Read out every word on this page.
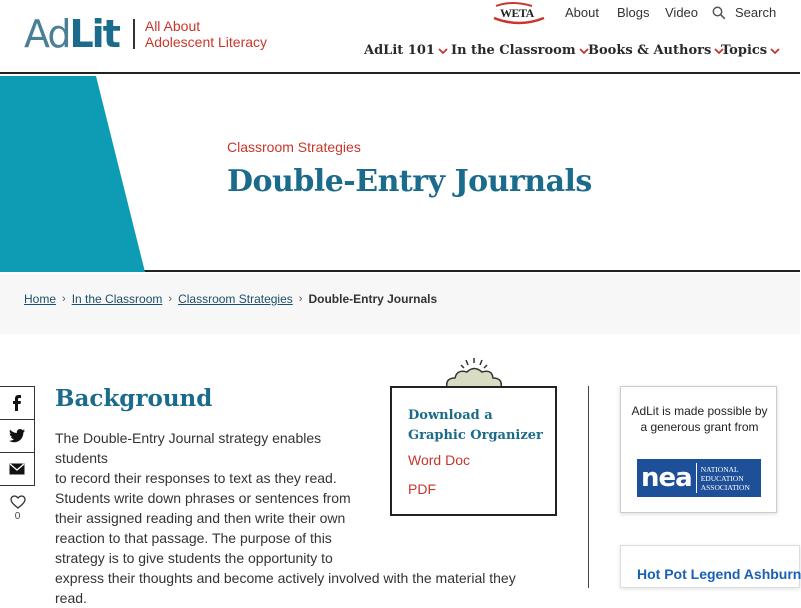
AdLit All About
Adolescent Literacy
WETA About Blogs Video	Search
AdLit 101 In the Classroom Books & Authors Topics
Classroom Strategies
Double-Entry Journals
Home › In the Classroom › Classroom Strategies › Double-Entry Journals
0
Background
The Double-Entry Journal strategy enables students
to record their responses to text as they read.
Students write down phrases or sentences from
their assigned reading and then write their own
reaction to that passage. The purpose of this
strategy is to give students the opportunity to
express their thoughts and become actively involved with the material they read.
Download a Graphic Organizer
Word Doc
PDF
AdLit is made possible by a generous grant from
nea NATIONAL
EDUCATION
ASSOCIATION
Hot Pot Legend Ashburn
